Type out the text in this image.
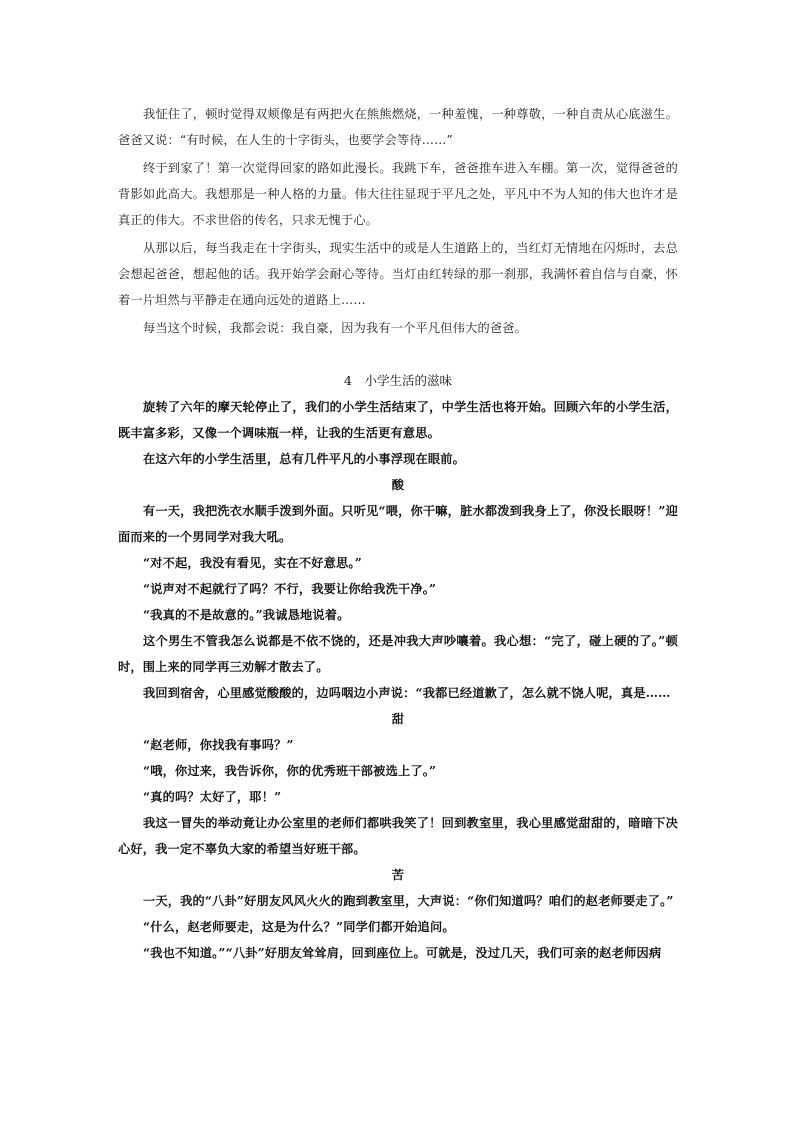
我怔住了，顿时觉得双颊像是有两把火在熊熊燃烧，一种羞愧，一种尊敬，一种自责从心底滋生。爸爸又说：“有时候，在人生的十字街头，也要学会等待……”

终于到家了！第一次觉得回家的路如此漫长。我跳下车，爸爸推车进入车棚。第一次，觉得爸爸的背影如此高大。我想那是一种人格的力量。伟大往往显现于平凡之处，平凡中不为人知的伟大也许才是真正的伟大。不求世俗的传名，只求无愧于心。

从那以后，每当我走在十字街头，现实生活中的或是人生道路上的，当红灯无情地在闪烁时，去总会想起爸爸，想起他的话。我开始学会耐心等待。当灯由红转绿的那一刹那，我满怀着自信与自豪，怀着一片坦然与平静走在通向远处的道路上……

每当这个时候，我都会说：我自豪，因为我有一个平凡但伟大的爸爸。

4　小学生活的滋味

旋转了六年的摩天轮停止了，我们的小学生活结束了，中学生活也将开始。回顾六年的小学生活，既丰富多彩，又像一个调味瓶一样，让我的生活更有意思。

在这六年的小学生活里，总有几件平凡的小事浮现在眼前。

酸

有一天，我把洗衣水顺手泼到外面。只听见“喂，你干嘛，脏水都泼到我身上了，你没长眼呀！”迎面而来的一个男同学对我大吼。

“对不起，我没有看见，实在不好意思。”

“说声对不起就行了吗？不行，我要让你给我洗干净。”

“我真的不是故意的。”我诚恳地说着。

这个男生不管我怎么说都是不依不饶的，还是冲我大声吵嚷着。我心想：“完了，碰上硬的了。”顿时，围上来的同学再三劝解才散去了。

我回到宿舍，心里感觉酸酸的，边吗咽边小声说：“我都已经道歉了，怎么就不饶人呢，真是……

甜

“赵老师，你找我有事吗？”

“哦，你过来，我告诉你，你的优秀班干部被选上了。”

“真的吗？太好了，耶！”

我这一冒失的举动竟让办公室里的老师们都哄我笑了！回到教室里，我心里感觉甜甜的，暗暗下决心好，我一定不辜负大家的希望当好班干部。

苦

一天，我的“八卦”好朋友风风火火的跑到教室里，大声说：“你们知道吗？咱们的赵老师要走了。”

“什么，赵老师要走，这是为什么？”同学们都开始追问。

“我也不知道。”“八卦”好朋友耸耸肩，回到座位上。可就是，没过几天，我们可亲的赵老师因病
